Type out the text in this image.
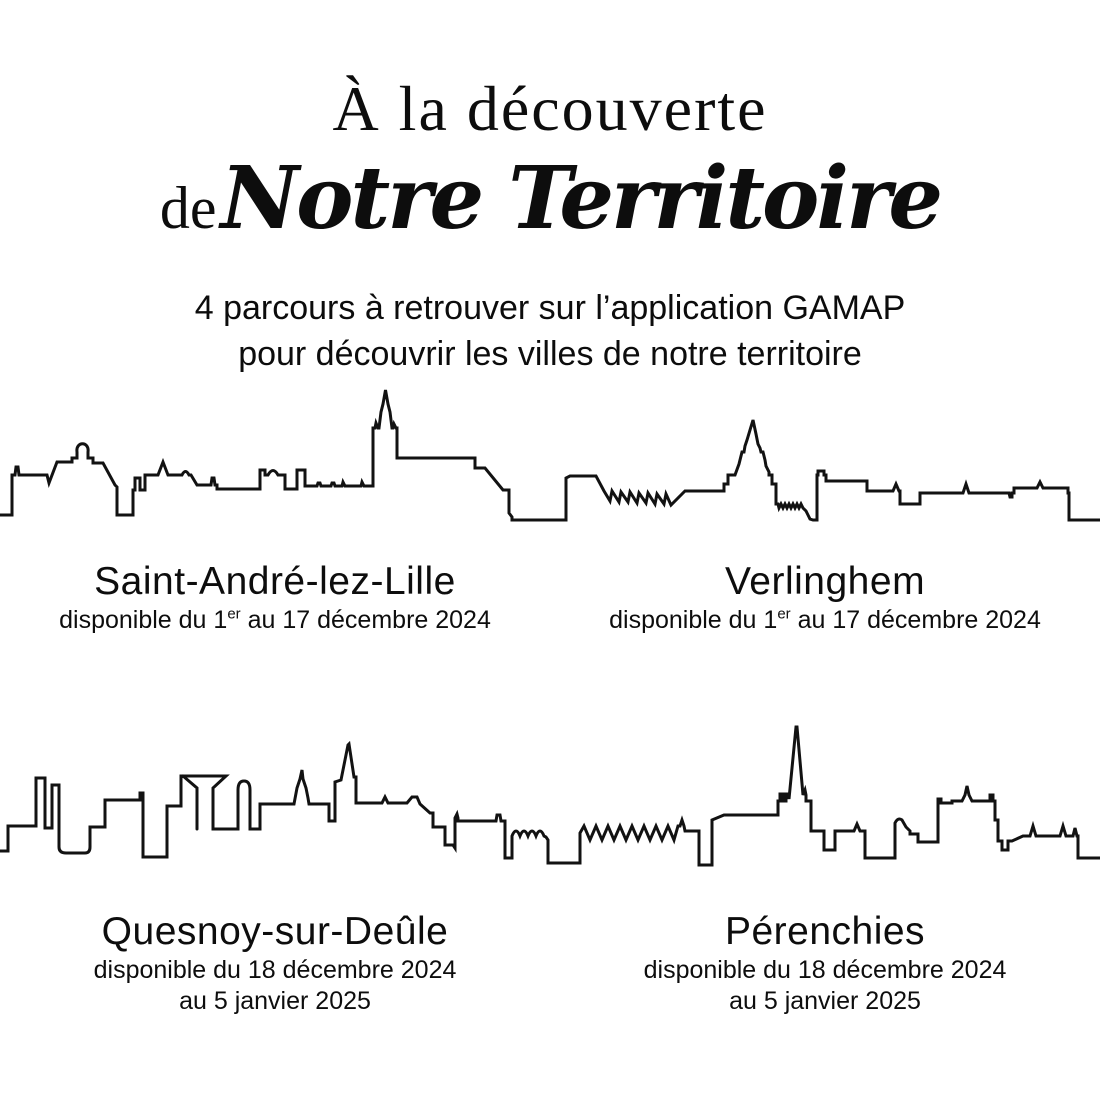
À la découverte
deNotre Territoire
4 parcours à retrouver sur l’application GAMAP
pour découvrir les villes de notre territoire
Saint-André-lez-Lille
disponible du 1er au 17 décembre 2024
Verlinghem
disponible du 1er au 17 décembre 2024
Quesnoy-sur-Deûle
disponible du 18 décembre 2024
au 5 janvier 2025
Pérenchies
disponible du 18 décembre 2024
au 5 janvier 2025
